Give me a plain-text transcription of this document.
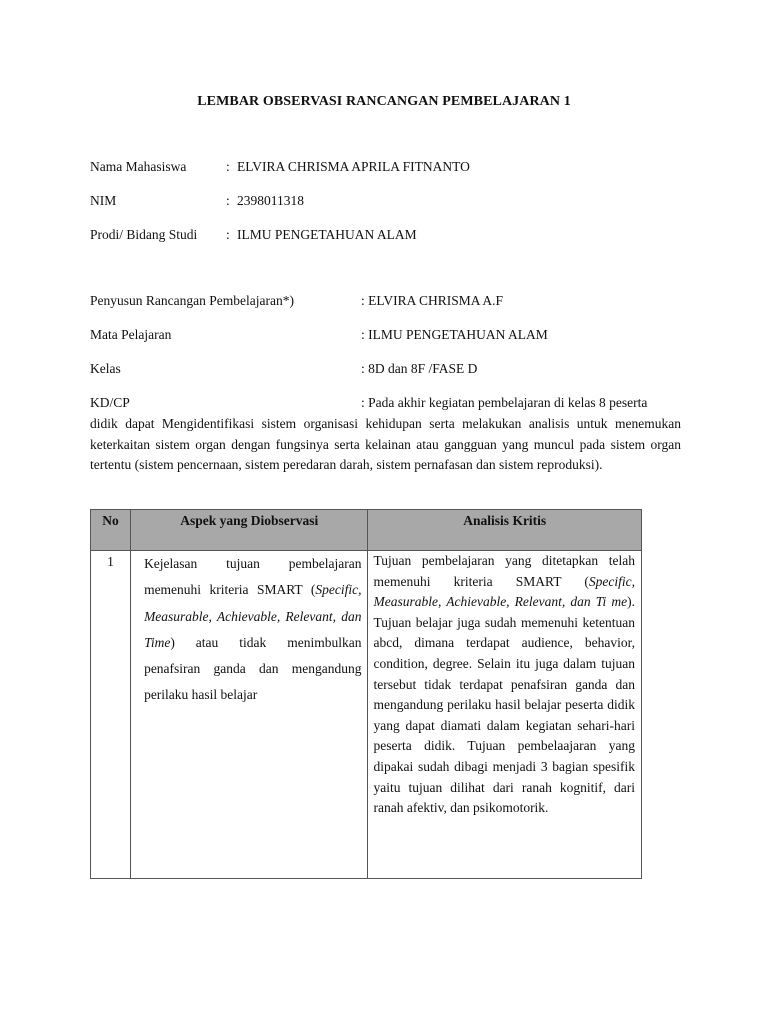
LEMBAR OBSERVASI RANCANGAN PEMBELAJARAN 1
Nama Mahasiswa	: ELVIRA CHRISMA APRILA FITNANTO
NIM	: 2398011318
Prodi/ Bidang Studi : ILMU PENGETAHUAN ALAM
Penyusun Rancangan Pembelajaran*)	: ELVIRA CHRISMA A.F
Mata Pelajaran	: ILMU PENGETAHUAN ALAM
Kelas	: 8D dan 8F /FASE D
KD/CP	: Pada akhir kegiatan pembelajaran di kelas 8 peserta
didik dapat Mengidentifikasi sistem organisasi kehidupan serta melakukan analisis untuk menemukan keterkaitan sistem organ dengan fungsinya serta kelainan atau gangguan yang muncul pada sistem organ tertentu (sistem pencernaan, sistem peredaran darah, sistem pernafasan dan sistem reproduksi).
No	Aspek yang Diobservasi	Analisis Kritis

1	Kejelasan tujuan pembelajaran memenuhi kriteria SMART (Specific, Measurable, Achievable, Relevant, dan Time) atau tidak menimbulkan penafsiran ganda dan mengandung perilaku hasil belajar	Tujuan pembelajaran yang ditetapkan telah memenuhi kriteria SMART (Specific, Measurable, Achievable, Relevant, dan Ti me). Tujuan belajar juga sudah memenuhi ketentuan abcd, dimana terdapat audience, behavior, condition, degree. Selain itu juga dalam tujuan tersebut tidak terdapat penafsiran ganda dan mengandung perilaku hasil belajar peserta didik yang dapat diamati dalam kegiatan sehari-hari peserta didik. Tujuan pembelaajaran yang dipakai sudah dibagi menjadi 3 bagian spesifik yaitu tujuan dilihat dari ranah kognitif, dari ranah afektiv, dan psikomotorik.
